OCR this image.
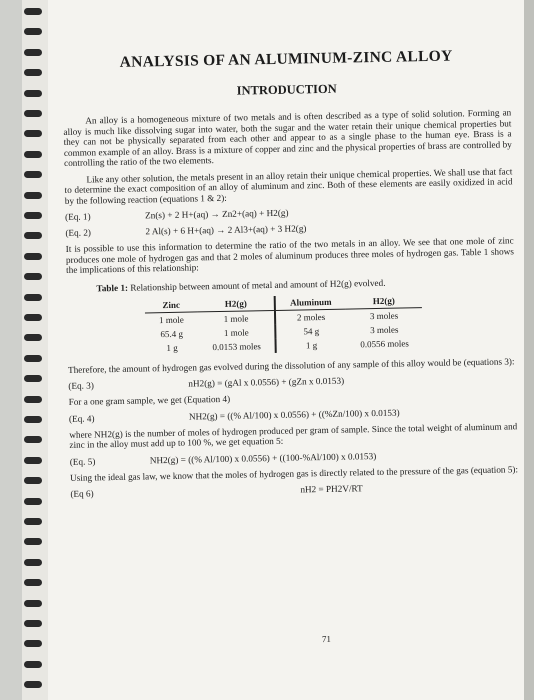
ANALYSIS OF AN ALUMINUM-ZINC ALLOY
INTRODUCTION

An alloy is a homogeneous mixture of two metals and is often described as a type of solid solution. Forming an alloy is much like dissolving sugar into water, both the sugar and the water retain their unique chemical properties but they can not be physically separated from each other and appear to as a single phase to the human eye. Brass is a common example of an alloy. Brass is a mixture of copper and zinc and the physical properties of brass are controlled by controlling the ratio of the two elements.

Like any other solution, the metals present in an alloy retain their unique chemical properties. We shall use that fact to determine the exact composition of an alloy of aluminum and zinc. Both of these elements are easily oxidized in acid by the following reaction (equations 1 & 2):

(Eq. 1)	Zn(s) + 2 H+(aq) → Zn2+(aq) + H2(g)
(Eq. 2)	2 Al(s) + 6 H+(aq) → 2 Al3+(aq) + 3 H2(g)

It is possible to use this information to determine the ratio of the two metals in an alloy. We see that one mole of zinc produces one mole of hydrogen gas and that 2 moles of aluminum produces three moles of hydrogen gas. Table 1 shows the implications of this relationship:

Table 1: Relationship between amount of metal and amount of H2(g) evolved.
Zinc	H2(g)	Aluminum	H2(g)
1 mole	1 mole	2 moles	3 moles
65.4 g	1 mole	54 g	3 moles
1 g	0.0153 moles	1 g	0.0556 moles

Therefore, the amount of hydrogen gas evolved during the dissolution of any sample of this alloy would be (equations 3):

(Eq. 3)	nH2(g) = (gAl x 0.0556) + (gZn x 0.0153)

For a one gram sample, we get (Equation 4)

(Eq. 4)	NH2(g) = ((% Al/100) x 0.0556) + ((%Zn/100) x 0.0153)

where NH2(g) is the number of moles of hydrogen produced per gram of sample. Since the total weight of aluminum and zinc in the alloy must add up to 100 %, we get equation 5:

(Eq. 5)	NH2(g) = ((% Al/100) x 0.0556) + ((100-%Al/100) x 0.0153)

Using the ideal gas law, we know that the moles of hydrogen gas is directly related to the pressure of the gas (equation 5):

(Eq 6)	nH2 = PH2V/RT
71
